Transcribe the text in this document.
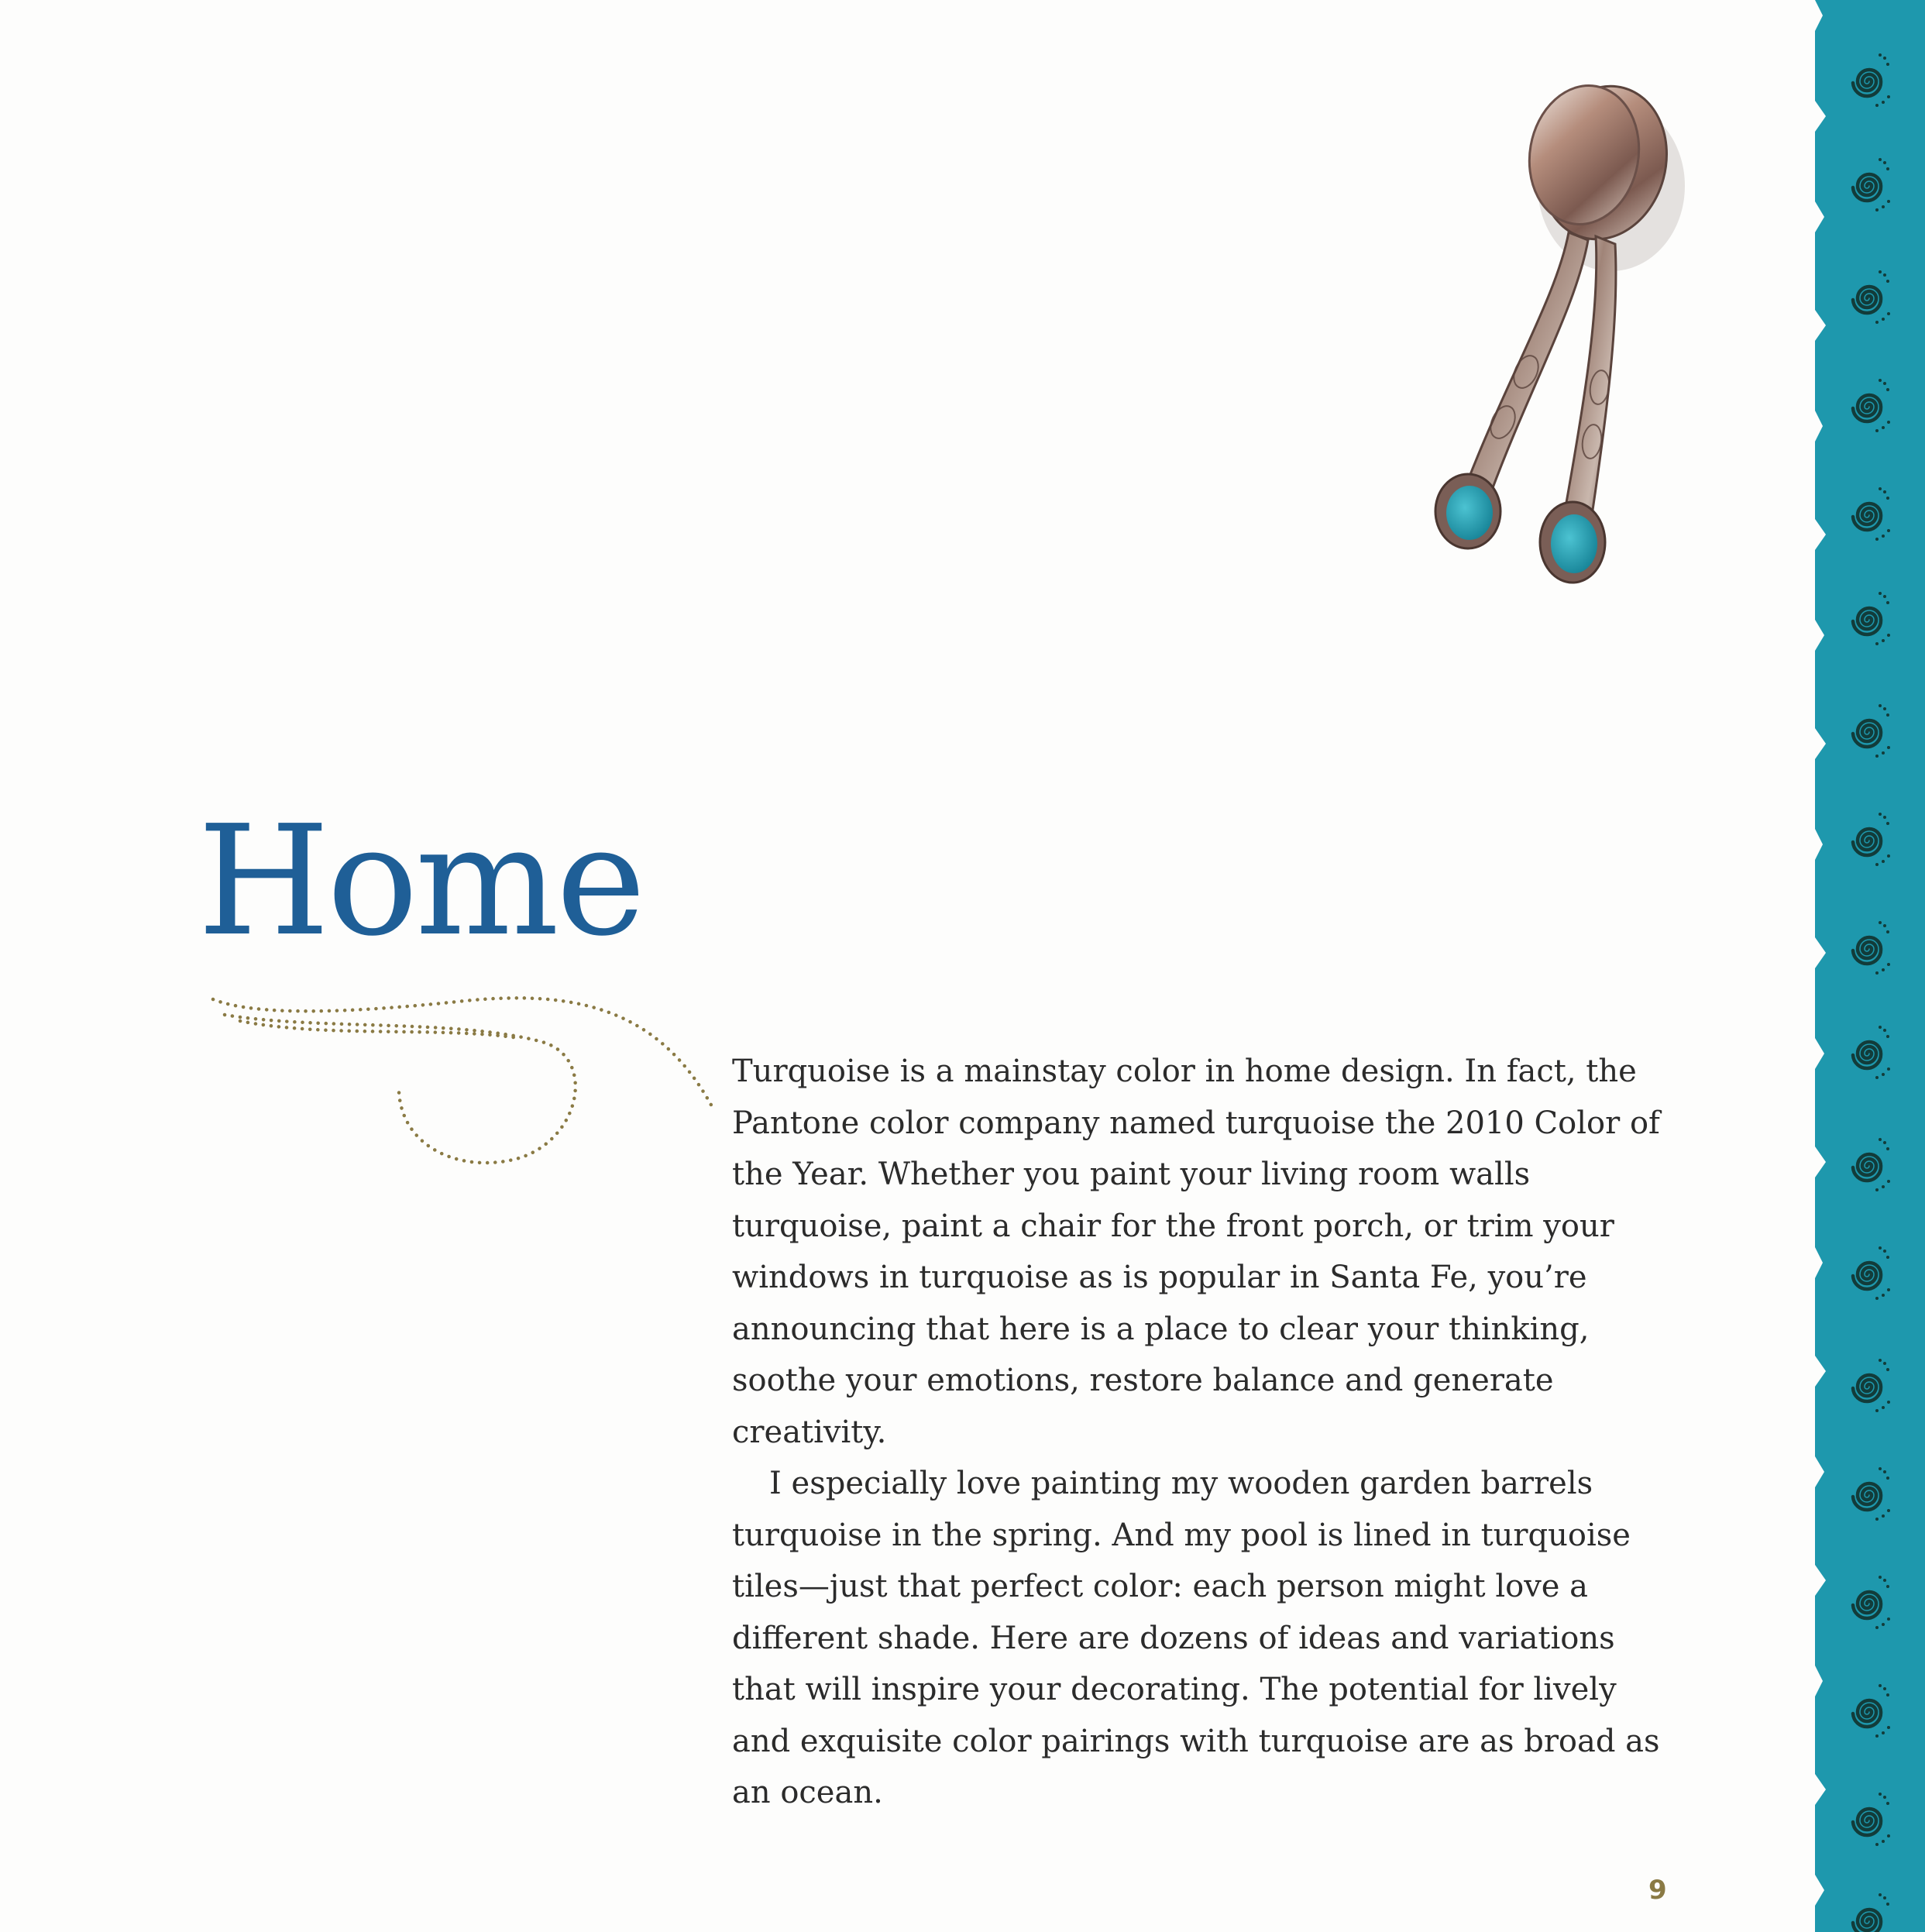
Home

Turquoise is a mainstay color in home design. In fact, the Pantone color company named turquoise the 2010 Color of the Year. Whether you paint your living room walls turquoise, paint a chair for the front porch, or trim your windows in turquoise as is popular in Santa Fe, you’re announcing that here is a place to clear your thinking, soothe your emotions, restore balance and generate creativity.

I especially love painting my wooden garden barrels turquoise in the spring. And my pool is lined in turquoise tiles—just that perfect color: each person might love a different shade. Here are dozens of ideas and variations that will inspire your decorating. The potential for lively and exquisite color pairings with turquoise are as broad as an ocean.

9
